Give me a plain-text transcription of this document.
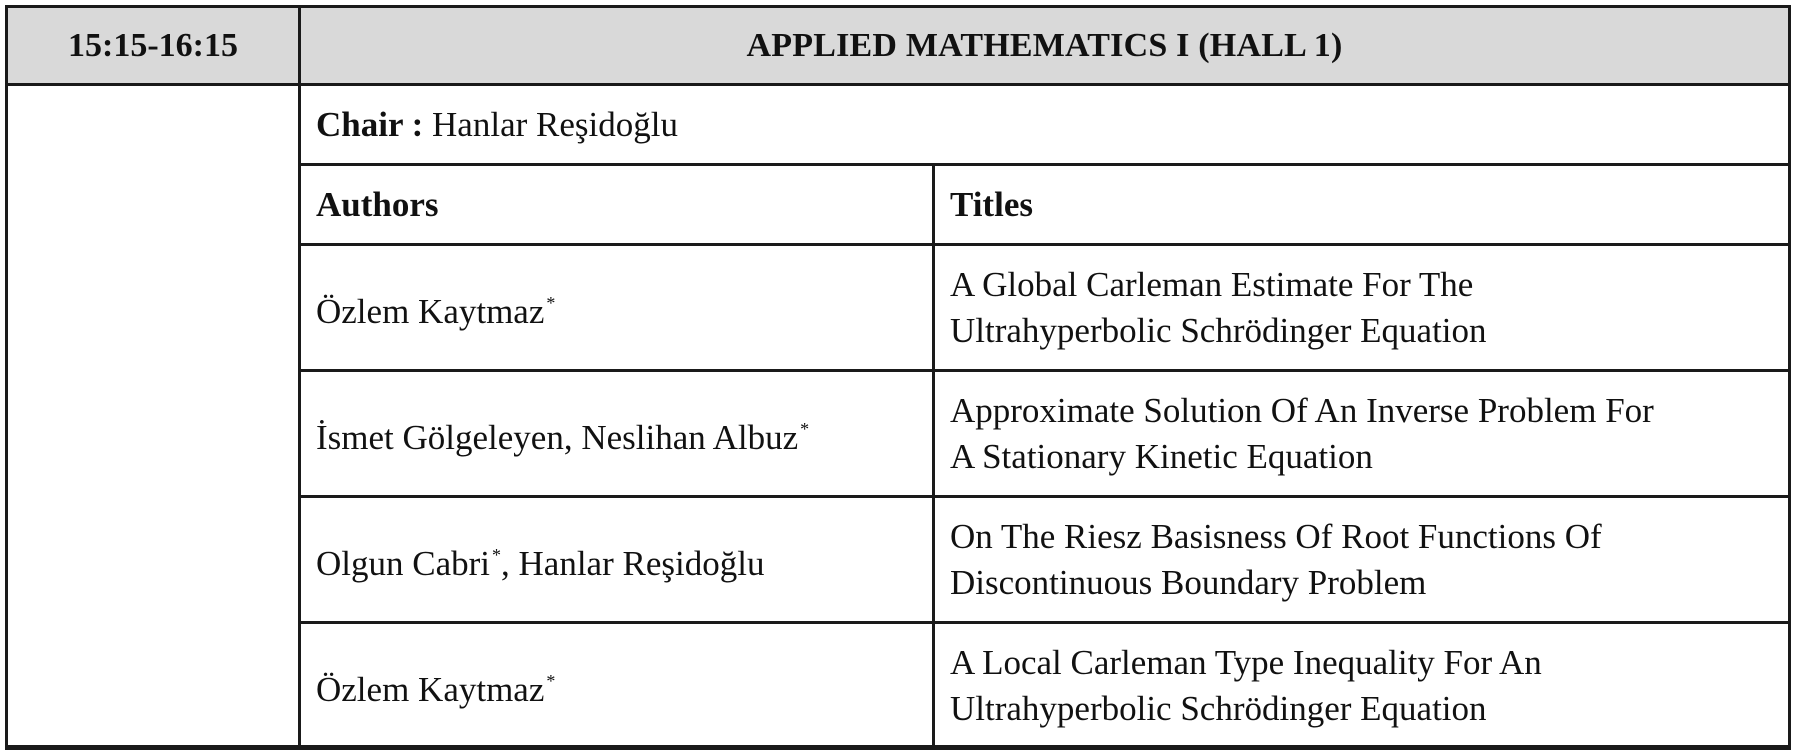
15:15-16:15	APPLIED MATHEMATICS I (HALL 1)	
	Chair : Hanlar Reşidoğlu	
	Authors	Titles
	Özlem Kaytmaz *	A Global Carleman Estimate For The
Ultrahyperbolic Schrödinger Equation
	İsmet Gölgeleyen, Neslihan Albuz *	Approximate Solution Of An Inverse Problem For
A Stationary Kinetic Equation
	Olgun Cabri *, Hanlar Reşidoğlu	On The Riesz Basisness Of Root Functions Of
Discontinuous Boundary Problem
	Özlem Kaytmaz *	A Local Carleman Type Inequality For An
Ultrahyperbolic Schrödinger Equation
